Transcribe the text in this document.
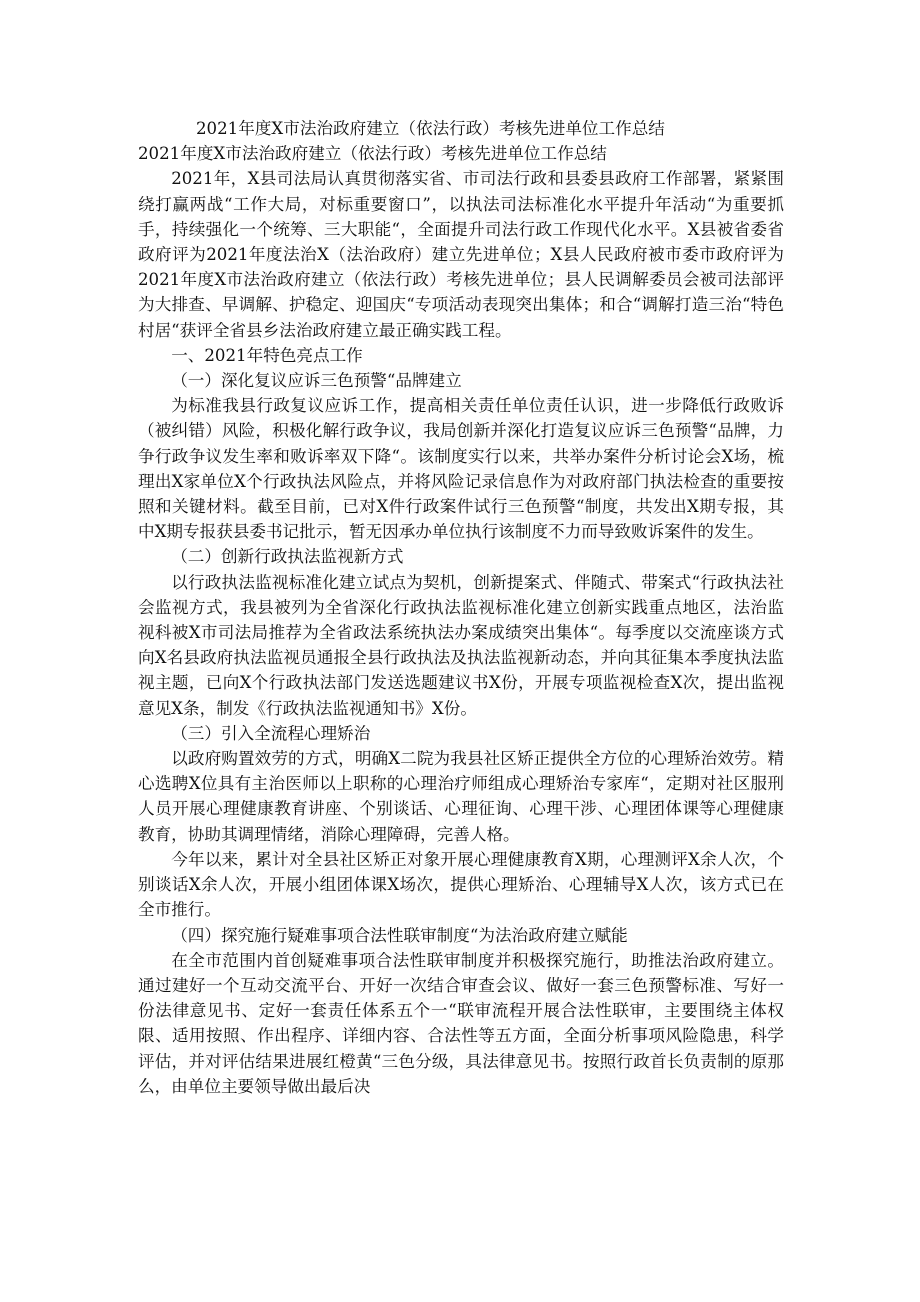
2021年度X市法治政府建立（依法行政）考核先进单位工作总结
2021年度X市法治政府建立（依法行政）考核先进单位工作总结

2021年，X县司法局认真贯彻落实省、市司法行政和县委县政府工作部署，紧紧围绕打赢两战“工作大局，对标重要窗口”，以执法司法标准化水平提升年活动“为重要抓手，持续强化一个统筹、三大职能“，全面提升司法行政工作现代化水平。X县被省委省政府评为2021年度法治X（法治政府）建立先进单位；X县人民政府被市委市政府评为2021年度X市法治政府建立（依法行政）考核先进单位；县人民调解委员会被司法部评为大排查、早调解、护稳定、迎国庆“专项活动表现突出集体；和合“调解打造三治“特色村居“获评全省县乡法治政府建立最正确实践工程。

一、2021年特色亮点工作

（一）深化复议应诉三色预警“品牌建立

为标准我县行政复议应诉工作，提高相关责任单位责任认识，进一步降低行政败诉（被纠错）风险，积极化解行政争议，我局创新并深化打造复议应诉三色预警“品牌，力争行政争议发生率和败诉率双下降“。该制度实行以来，共举办案件分析讨论会X场，梳理出X家单位X个行政执法风险点，并将风险记录信息作为对政府部门执法检查的重要按照和关键材料。截至目前，已对X件行政案件试行三色预警“制度，共发出X期专报，其中X期专报获县委书记批示，暂无因承办单位执行该制度不力而导致败诉案件的发生。

（二）创新行政执法监视新方式

以行政执法监视标准化建立试点为契机，创新提案式、伴随式、带案式“行政执法社会监视方式，我县被列为全省深化行政执法监视标准化建立创新实践重点地区，法治监视科被X市司法局推荐为全省政法系统执法办案成绩突出集体“。每季度以交流座谈方式向X名县政府执法监视员通报全县行政执法及执法监视新动态，并向其征集本季度执法监视主题，已向X个行政执法部门发送选题建议书X份，开展专项监视检查X次，提出监视意见X条，制发《行政执法监视通知书》X份。

（三）引入全流程心理矫治

以政府购置效劳的方式，明确X二院为我县社区矫正提供全方位的心理矫治效劳。精心选聘X位具有主治医师以上职称的心理治疗师组成心理矫治专家库“，定期对社区服刑人员开展心理健康教育讲座、个别谈话、心理征询、心理干涉、心理团体课等心理健康教育，协助其调理情绪，消除心理障碍，完善人格。

今年以来，累计对全县社区矫正对象开展心理健康教育X期，心理测评X余人次，个别谈话X余人次，开展小组团体课X场次，提供心理矫治、心理辅导X人次，该方式已在全市推行。

（四）探究施行疑难事项合法性联审制度“为法治政府建立赋能

在全市范围内首创疑难事项合法性联审制度并积极探究施行，助推法治政府建立。通过建好一个互动交流平台、开好一次结合审查会议、做好一套三色预警标准、写好一份法律意见书、定好一套责任体系五个一“联审流程开展合法性联审，主要围绕主体权限、适用按照、作出程序、详细内容、合法性等五方面，全面分析事项风险隐患，科学评估，并对评估结果进展红橙黄“三色分级，具法律意见书。按照行政首长负责制的原那么，由单位主要领导做出最后决
